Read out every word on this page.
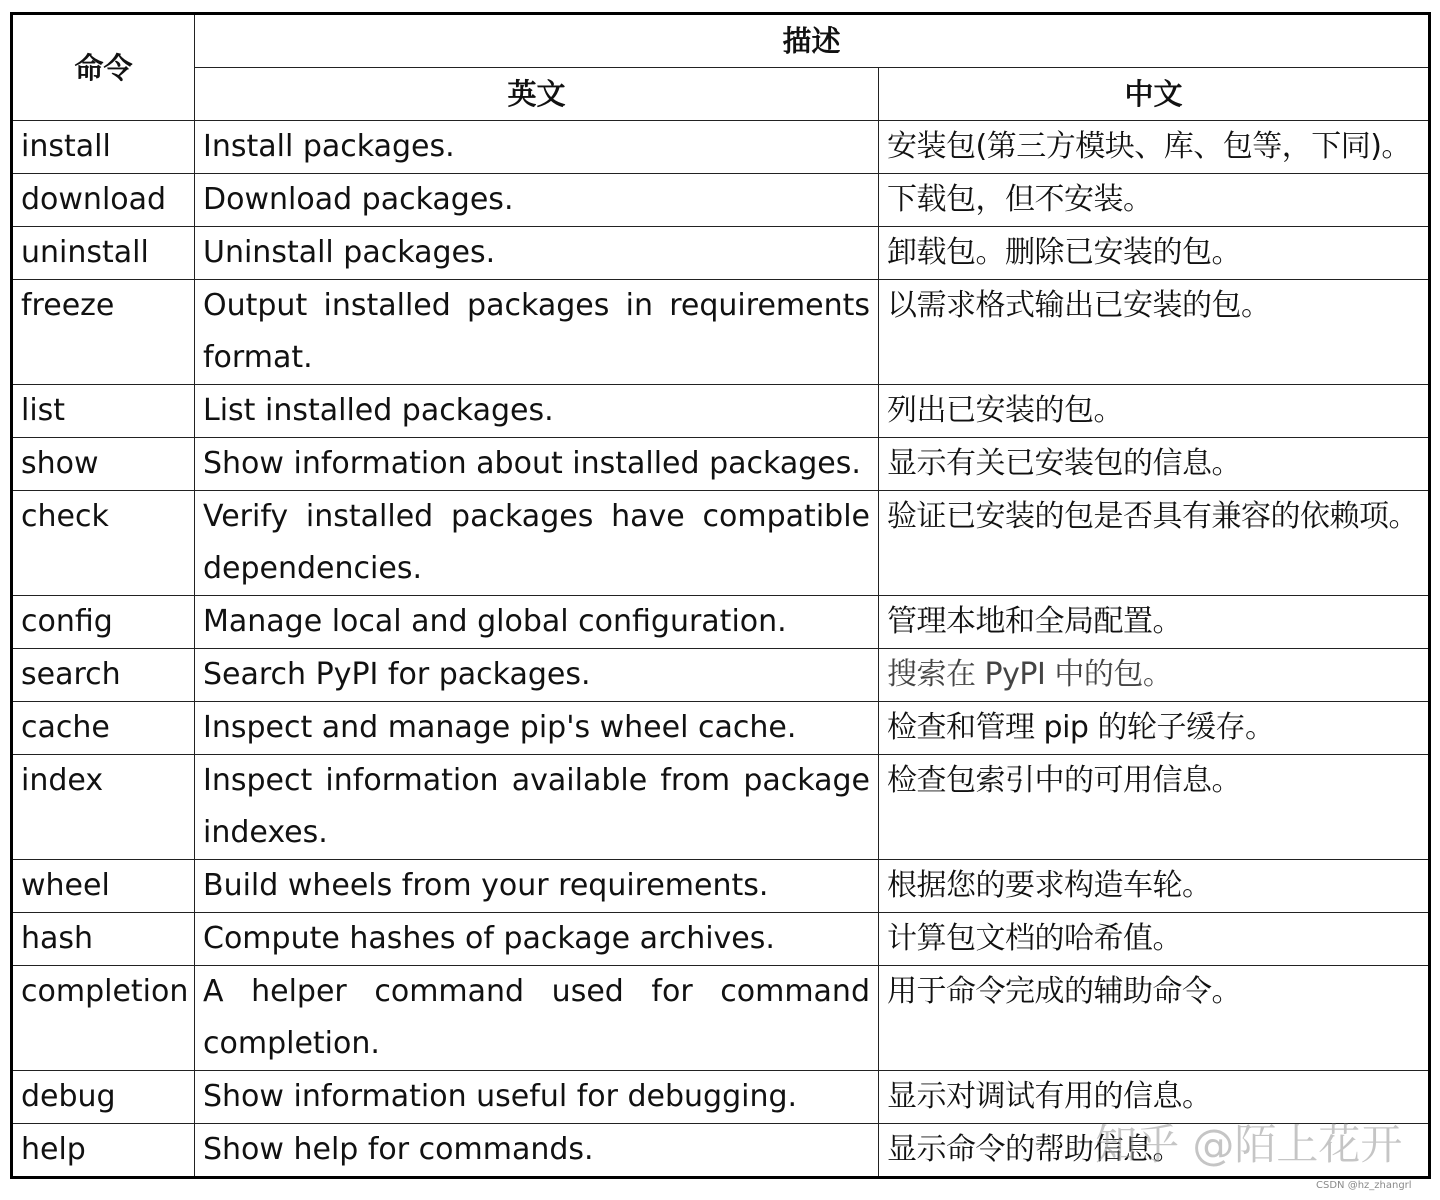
命令	描述	
	英文	中文
install	Install packages.	安装包(第三方模块、库、包等，下同)。
download	Download packages.	下载包，但不安装。
uninstall	Uninstall packages.	卸载包。删除已安装的包。
freeze	Output installed packages in requirements format.	以需求格式输出已安装的包。
list	List installed packages.	列出已安装的包。
show	Show information about installed packages.	显示有关已安装包的信息。
check	Verify installed packages have compatible dependencies.	验证已安装的包是否具有兼容的依赖项。
config	Manage local and global configuration.	管理本地和全局配置。
search	Search PyPI for packages.	搜索在 PyPI 中的包。
cache	Inspect and manage pip's wheel cache.	检查和管理 pip 的轮子缓存。
index	Inspect information available from package indexes.	检查包索引中的可用信息。
wheel	Build wheels from your requirements.	根据您的要求构造车轮。
hash	Compute hashes of package archives.	计算包文档的哈希值。
completion	A helper command used for command completion.	用于命令完成的辅助命令。
debug	Show information useful for debugging.	显示对调试有用的信息。
help	Show help for commands.	显示命令的帮助信息。
知乎 @陌上花开
CSDN @hz_zhangrl
